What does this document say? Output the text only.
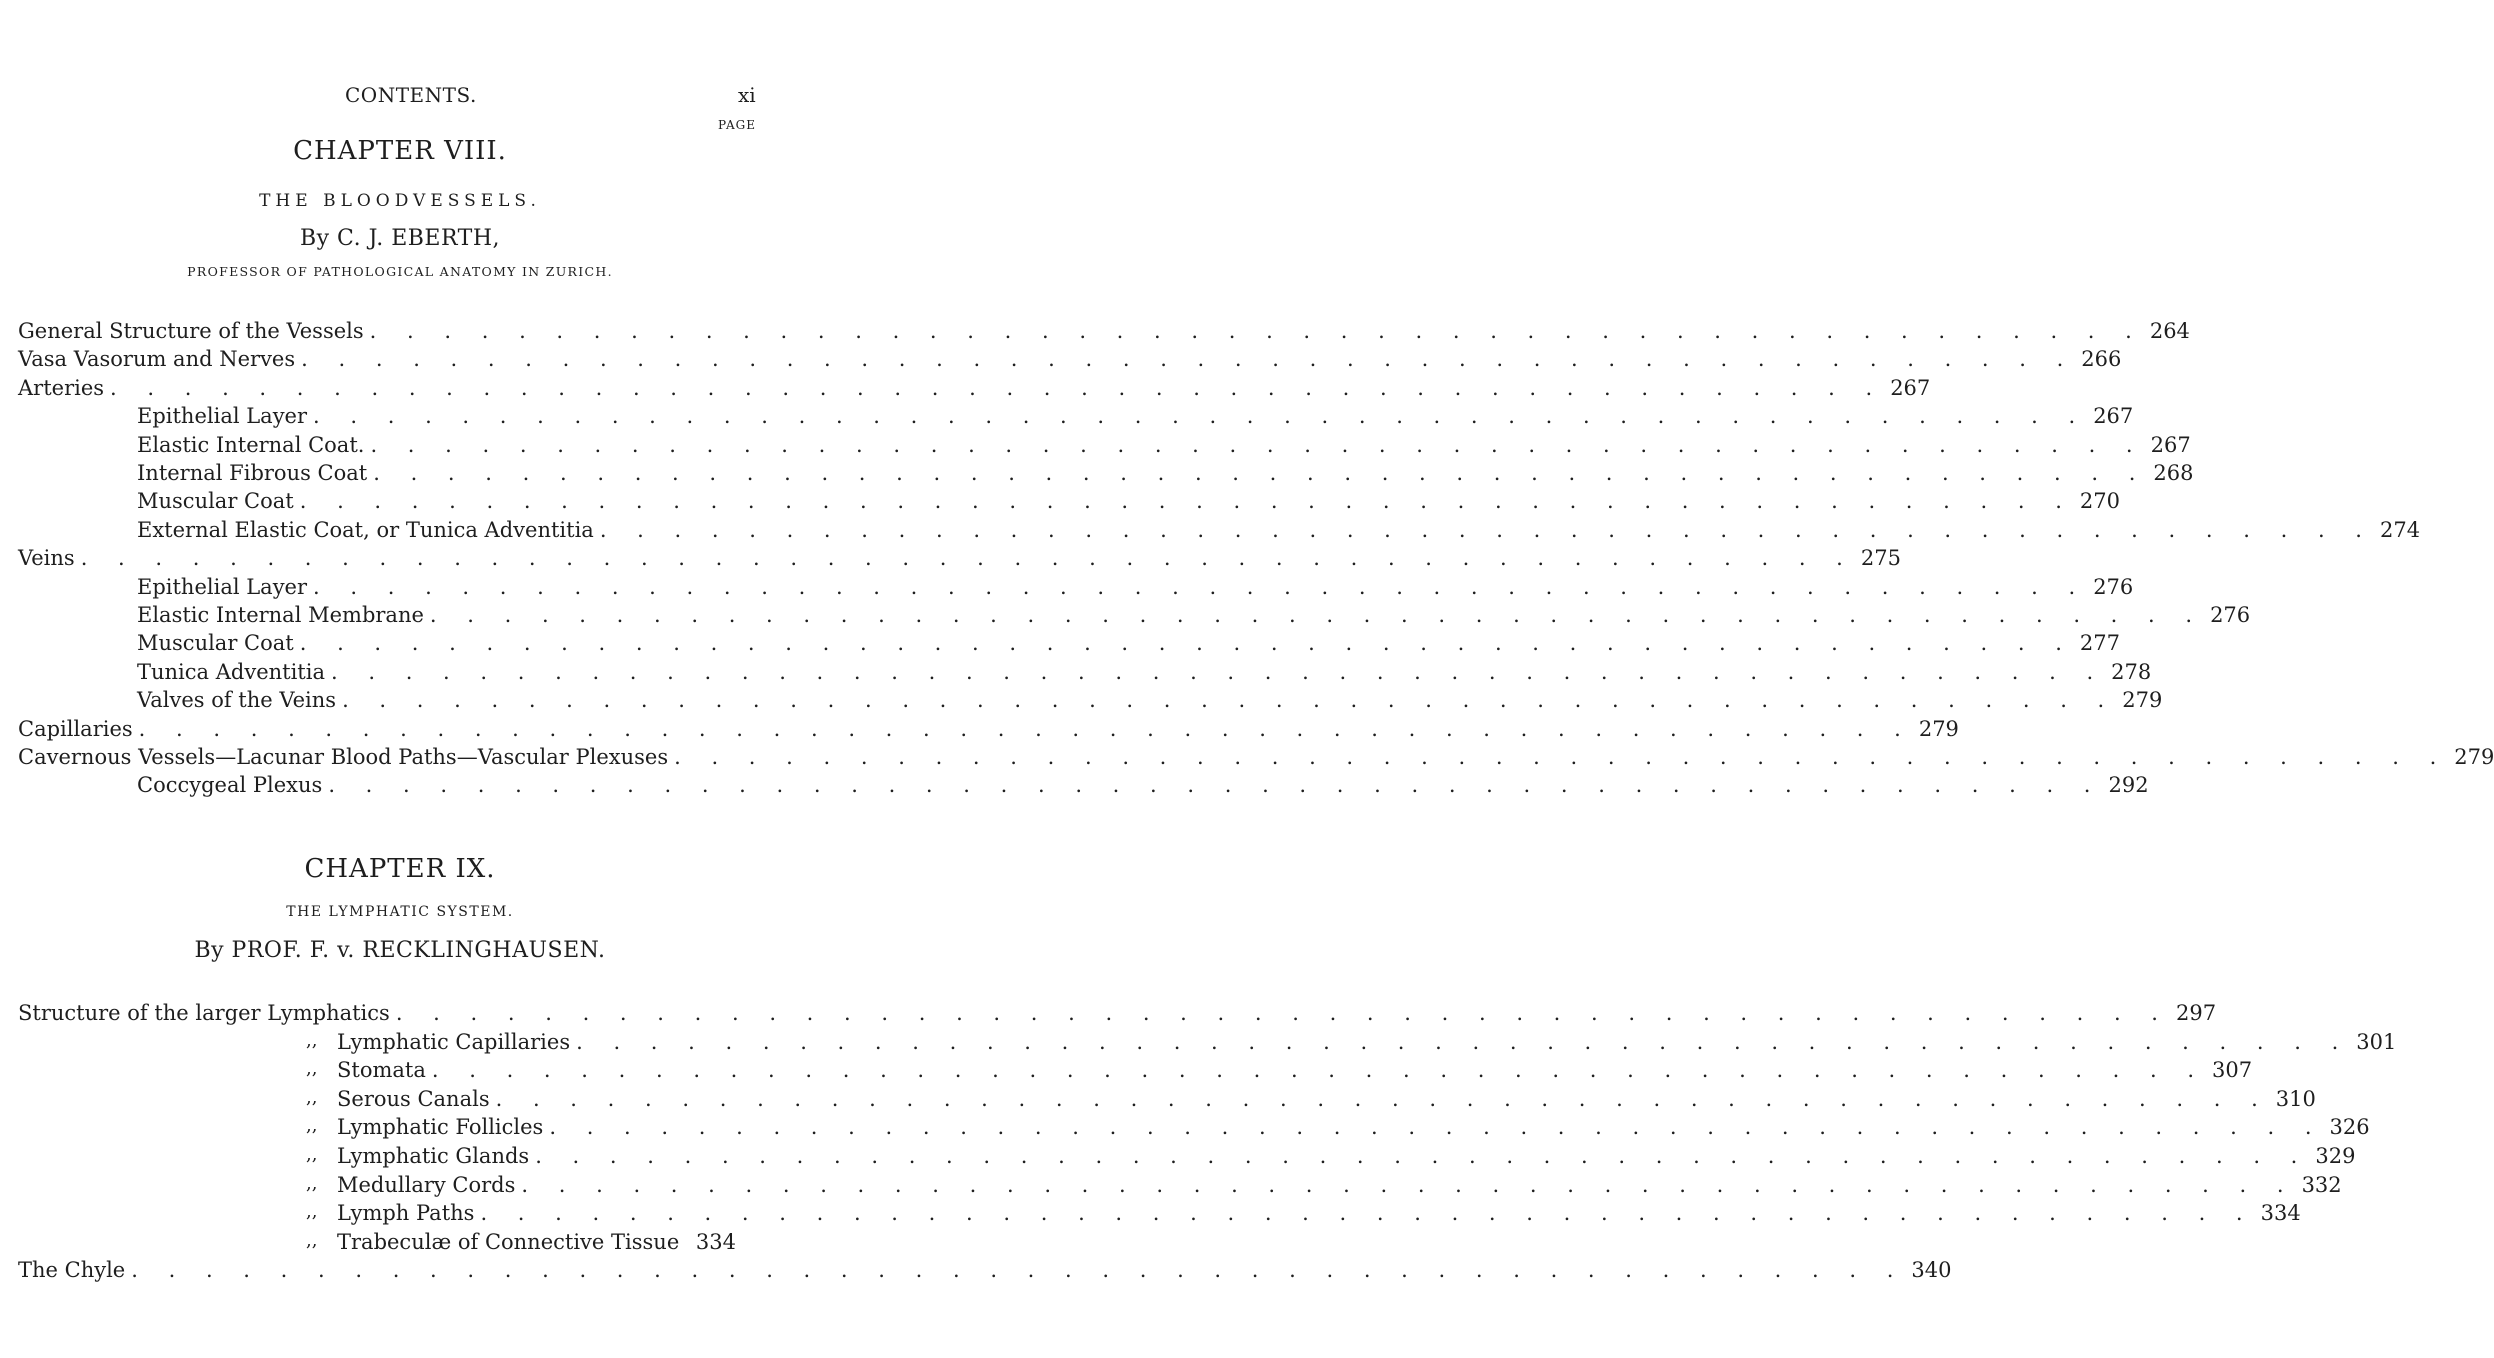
CONTENTS.	xi
PAGE
CHAPTER VIII.
THE BLOODVESSELS.
By C. J. EBERTH,
PROFESSOR OF PATHOLOGICAL ANATOMY IN ZURICH.
General Structure of the Vessels . . . . . . . . . . . . . . . . . . . . . . . . . . . . . . . . . . . . . . . . . . . . . . . . 264
Vasa Vasorum and Nerves . . . . . . . . . . . . . . . . . . . . . . . . . . . . . . . . . . . . . . . . . . . . . . . . 266
Arteries . . . . . . . . . . . . . . . . . . . . . . . . . . . . . . . . . . . . . . . . . . . . . . . . 267
Epithelial Layer . . . . . . . . . . . . . . . . . . . . . . . . . . . . . . . . . . . . . . . . . . . . . . . . 267
Elastic Internal Coat. . . . . . . . . . . . . . . . . . . . . . . . . . . . . . . . . . . . . . . . . . . . . . . . . 267
Internal Fibrous Coat . . . . . . . . . . . . . . . . . . . . . . . . . . . . . . . . . . . . . . . . . . . . . . . . 268
Muscular Coat . . . . . . . . . . . . . . . . . . . . . . . . . . . . . . . . . . . . . . . . . . . . . . . . 270
External Elastic Coat, or Tunica Adventitia . . . . . . . . . . . . . . . . . . . . . . . . . . . . . . . . . . . . . . . . . . . . . . . . 274
Veins . . . . . . . . . . . . . . . . . . . . . . . . . . . . . . . . . . . . . . . . . . . . . . . . 275
Epithelial Layer . . . . . . . . . . . . . . . . . . . . . . . . . . . . . . . . . . . . . . . . . . . . . . . . 276
Elastic Internal Membrane . . . . . . . . . . . . . . . . . . . . . . . . . . . . . . . . . . . . . . . . . . . . . . . . 276
Muscular Coat . . . . . . . . . . . . . . . . . . . . . . . . . . . . . . . . . . . . . . . . . . . . . . . . 277
Tunica Adventitia . . . . . . . . . . . . . . . . . . . . . . . . . . . . . . . . . . . . . . . . . . . . . . . . 278
Valves of the Veins . . . . . . . . . . . . . . . . . . . . . . . . . . . . . . . . . . . . . . . . . . . . . . . . 279
Capillaries . . . . . . . . . . . . . . . . . . . . . . . . . . . . . . . . . . . . . . . . . . . . . . . . 279
Cavernous Vessels—Lacunar Blood Paths—Vascular Plexuses . . . . . . . . . . . . . . . . . . . . . . . . . . . . . . . . . . . . . . . . . . . . . . . . 279
Coccygeal Plexus . . . . . . . . . . . . . . . . . . . . . . . . . . . . . . . . . . . . . . . . . . . . . . . . 292
CHAPTER IX.
THE LYMPHATIC SYSTEM.
By PROF. F. v. RECKLINGHAUSEN.
Structure of the larger Lymphatics . . . . . . . . . . . . . . . . . . . . . . . . . . . . . . . . . . . . . . . . . . . . . . . . 297
Lymphatic Capillaries . . . . . . . . . . . . . . . . . . . . . . . . . . . . . . . . . . . . . . . . . . . . . . . . 301
,,
Stomata . . . . . . . . . . . . . . . . . . . . . . . . . . . . . . . . . . . . . . . . . . . . . . . . 307
,,
Serous Canals . . . . . . . . . . . . . . . . . . . . . . . . . . . . . . . . . . . . . . . . . . . . . . . . 310
,,
Lymphatic Follicles . . . . . . . . . . . . . . . . . . . . . . . . . . . . . . . . . . . . . . . . . . . . . . . . 326
,,
Lymphatic Glands . . . . . . . . . . . . . . . . . . . . . . . . . . . . . . . . . . . . . . . . . . . . . . . . 329
,,
Medullary Cords . . . . . . . . . . . . . . . . . . . . . . . . . . . . . . . . . . . . . . . . . . . . . . . . 332
,,
Lymph Paths . . . . . . . . . . . . . . . . . . . . . . . . . . . . . . . . . . . . . . . . . . . . . . . . 334
,,
Trabeculæ of Connective Tissue 334
,,
The Chyle . . . . . . . . . . . . . . . . . . . . . . . . . . . . . . . . . . . . . . . . . . . . . . . . 340
